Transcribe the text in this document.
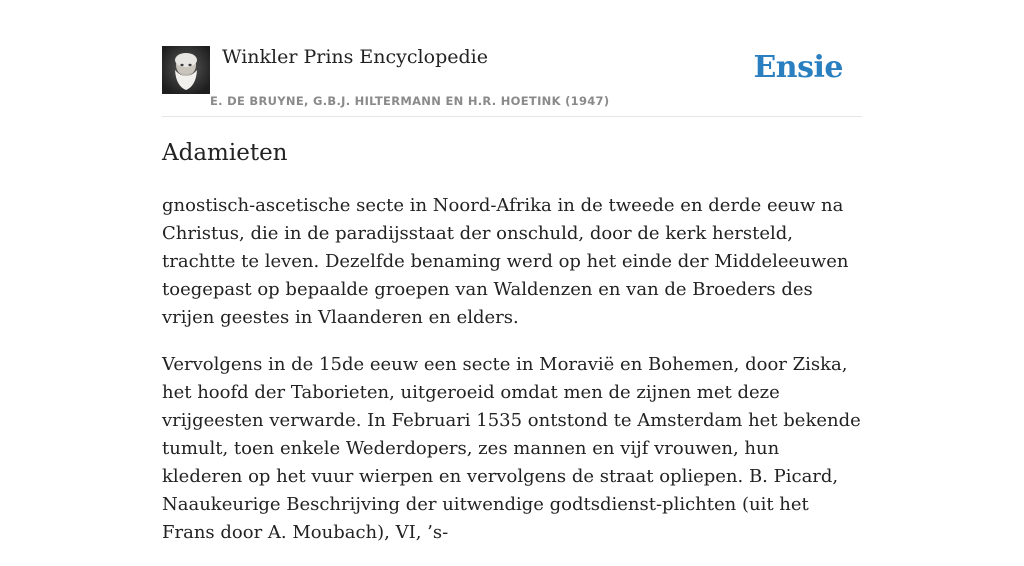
Winkler Prins Encyclopedie
E. DE BRUYNE, G.B.J. HILTERMANN EN H.R. HOETINK (1947)
Ensie
Adamieten

gnostisch-ascetische secte in Noord-Afrika in de tweede en derde eeuw na Christus, die in de paradijsstaat der onschuld, door de kerk hersteld, trachtte te leven. Dezelfde benaming werd op het einde der Middeleeuwen toegepast op bepaalde groepen van Waldenzen en van de Broeders des vrijen geestes in Vlaanderen en elders.

Vervolgens in de 15de eeuw een secte in Moravië en Bohemen, door Ziska, het hoofd der Taborieten, uitgeroeid omdat men de zijnen met deze vrijgeesten verwarde. In Februari 1535 ontstond te Amsterdam het bekende tumult, toen enkele Wederdopers, zes mannen en vijf vrouwen, hun klederen op het vuur wierpen en vervolgens de straat opliepen. B. Picard, Naaukeurige Beschrijving der uitwendige godtsdienst-plichten (uit het Frans door A. Moubach), VI, ’s-
